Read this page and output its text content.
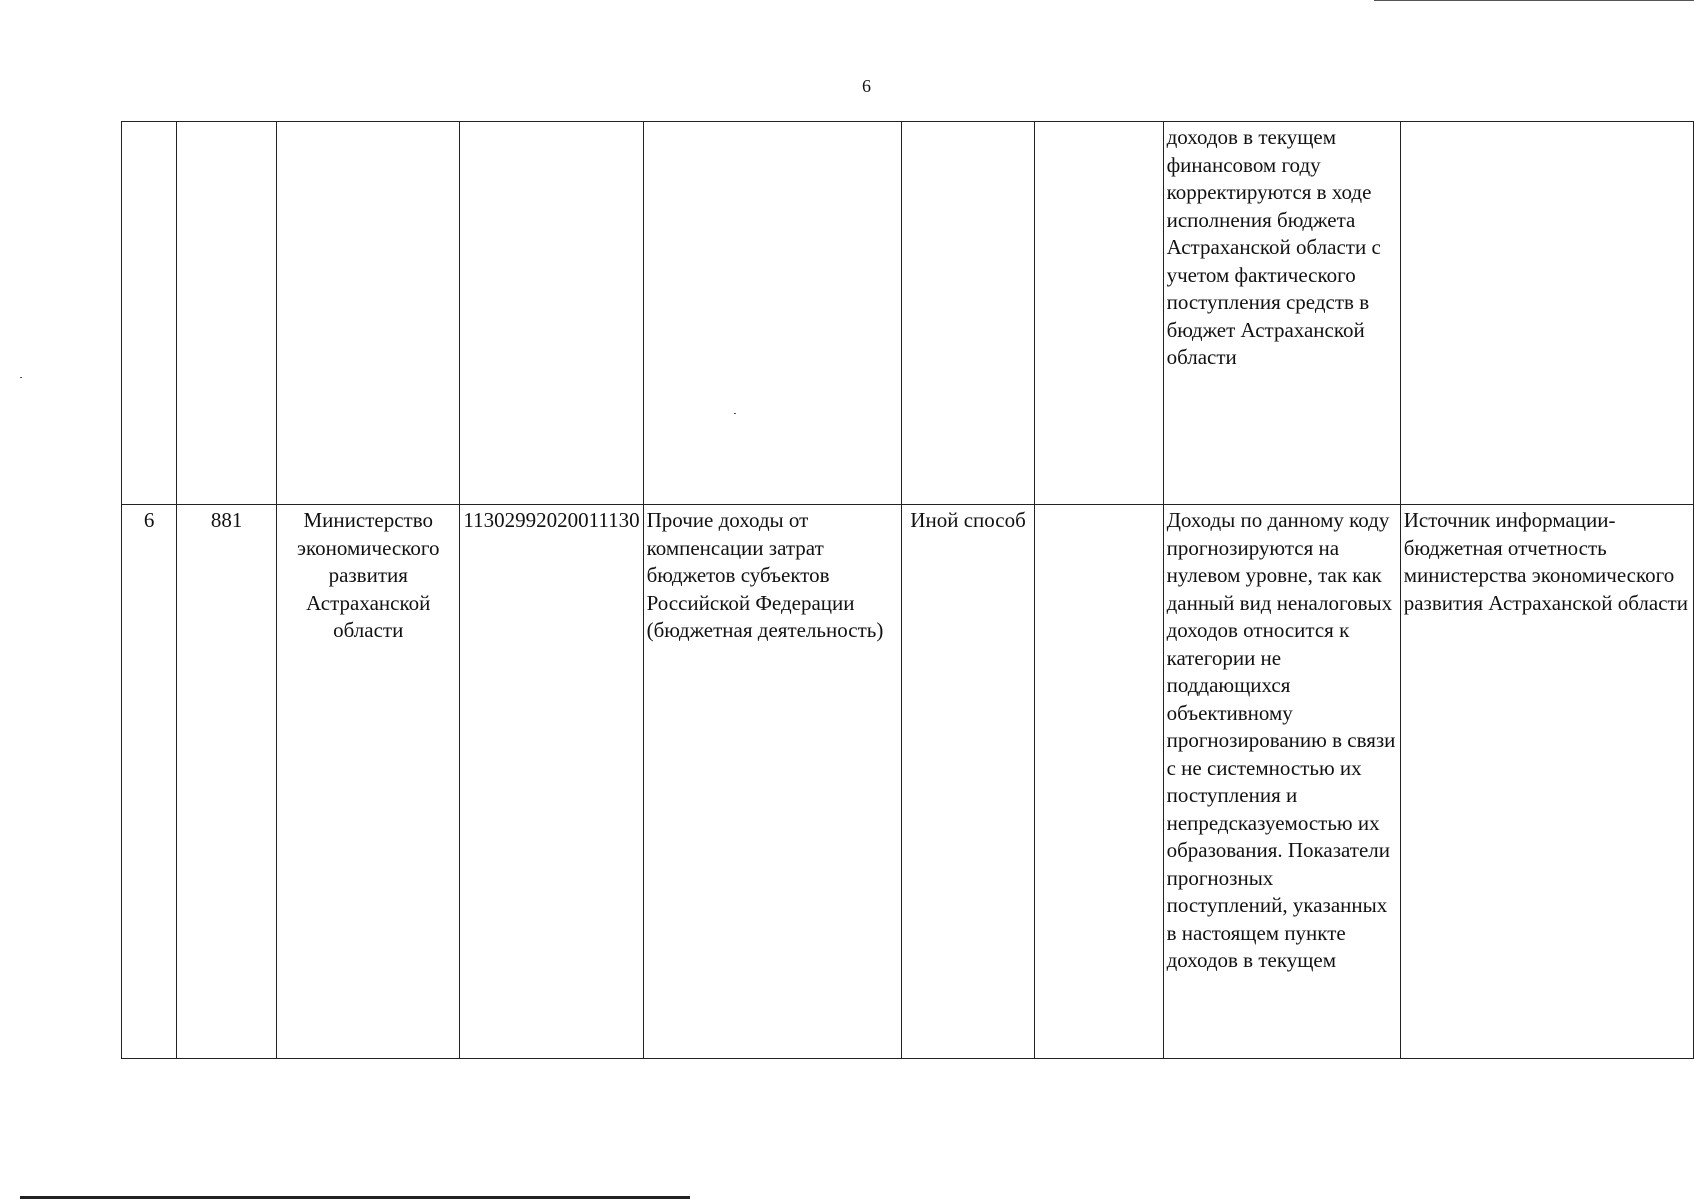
6
							доходов в текущем финансовом году корректируются в ходе исполнения бюджета Астраханской области с учетом фактического поступления средств в бюджет Астраханской области	
6	881	Министерство экономического развития Астраханской области	11302992020011130	Прочие доходы от компенсации затрат бюджетов субъектов Российской Федерации (бюджетная деятельность)	Иной способ		Доходы по данному коду прогнозируются на нулевом уровне, так как данный вид неналоговых доходов относится к категории не поддающихся объективному прогнозированию в связи с не системностью их поступления и непредсказуемостью их образования. Показатели прогнозных поступлений, указанных в настоящем пункте доходов в текущем	Источник информации-бюджетная отчетность министерства экономического развития Астраханской области
